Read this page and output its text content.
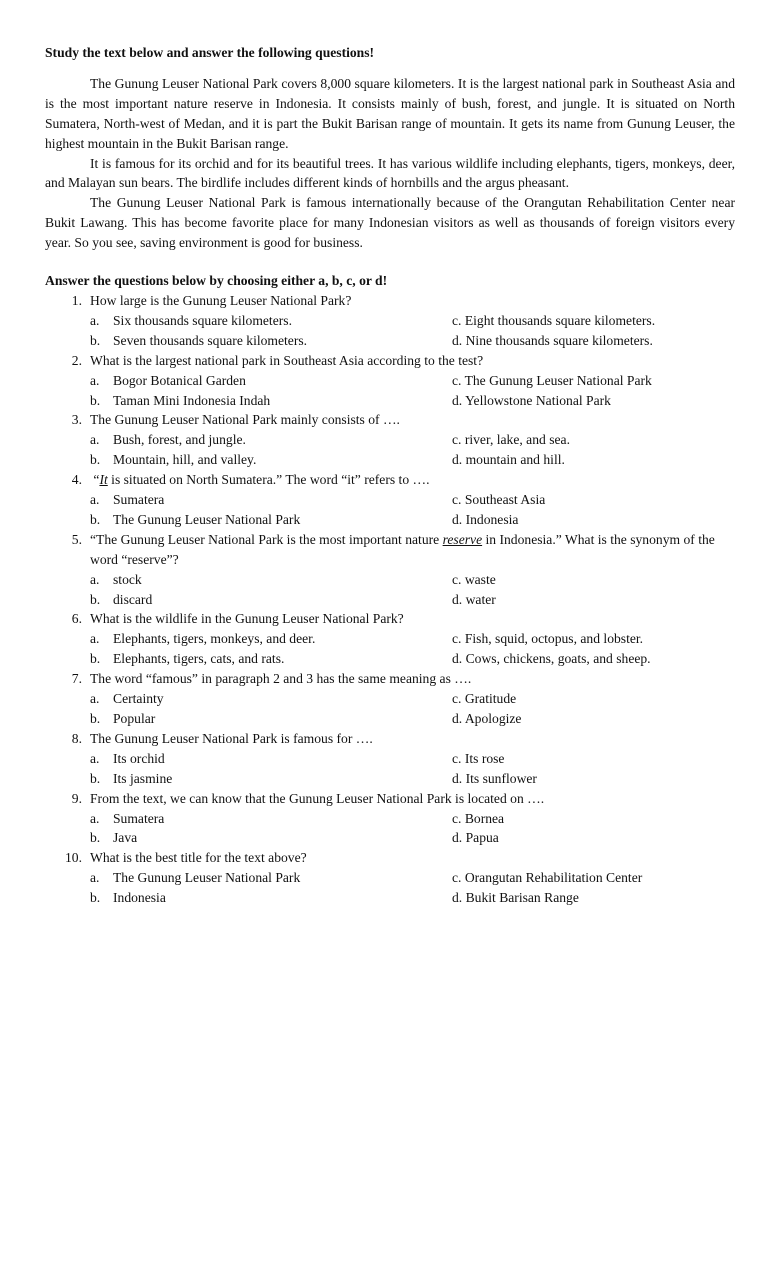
Study the text below and answer the following questions!

The Gunung Leuser National Park covers 8,000 square kilometers. It is the largest national park in Southeast Asia and is the most important nature reserve in Indonesia. It consists mainly of bush, forest, and jungle. It is situated on North Sumatera, North-west of Medan, and it is part the Bukit Barisan range of mountain. It gets its name from Gunung Leuser, the highest mountain in the Bukit Barisan range.

It is famous for its orchid and for its beautiful trees. It has various wildlife including elephants, tigers, monkeys, deer, and Malayan sun bears. The birdlife includes different kinds of hornbills and the argus pheasant.

The Gunung Leuser National Park is famous internationally because of the Orangutan Rehabilitation Center near Bukit Lawang. This has become favorite place for many Indonesian visitors as well as thousands of foreign visitors every year. So you see, saving environment is good for business.

Answer the questions below by choosing either a, b, c, or d!

1. How large is the Gunung Leuser National Park?
a. Six thousands square kilometers.	c. Eight thousands square kilometers.
b. Seven thousands square kilometers.	d. Nine thousands square kilometers.
2. What is the largest national park in Southeast Asia according to the test?
a. Bogor Botanical Garden	c. The Gunung Leuser National Park
b. Taman Mini Indonesia Indah	d. Yellowstone National Park
3. The Gunung Leuser National Park mainly consists of ….
a. Bush, forest, and jungle.	c. river, lake, and sea.
b. Mountain, hill, and valley.	d. mountain and hill.
4. “It is situated on North Sumatera.” The word “it” refers to ….
a. Sumatera	c. Southeast Asia
b. The Gunung Leuser National Park	d. Indonesia
5. “The Gunung Leuser National Park is the most important nature reserve in Indonesia.” What is the synonym of the word “reserve”?
a. stock	c. waste
b. discard	d. water
6. What is the wildlife in the Gunung Leuser National Park?
a. Elephants, tigers, monkeys, and deer.	c. Fish, squid, octopus, and lobster.
b. Elephants, tigers, cats, and rats.	d. Cows, chickens, goats, and sheep.
7. The word “famous” in paragraph 2 and 3 has the same meaning as ….
a. Certainty	c. Gratitude
b. Popular	d. Apologize
8. The Gunung Leuser National Park is famous for ….
a. Its orchid	c. Its rose
b. Its jasmine	d. Its sunflower
9. From the text, we can know that the Gunung Leuser National Park is located on ….
a. Sumatera	c. Bornea
b. Java	d. Papua
10. What is the best title for the text above?
a. The Gunung Leuser National Park	c. Orangutan Rehabilitation Center
b. Indonesia	d. Bukit Barisan Range
